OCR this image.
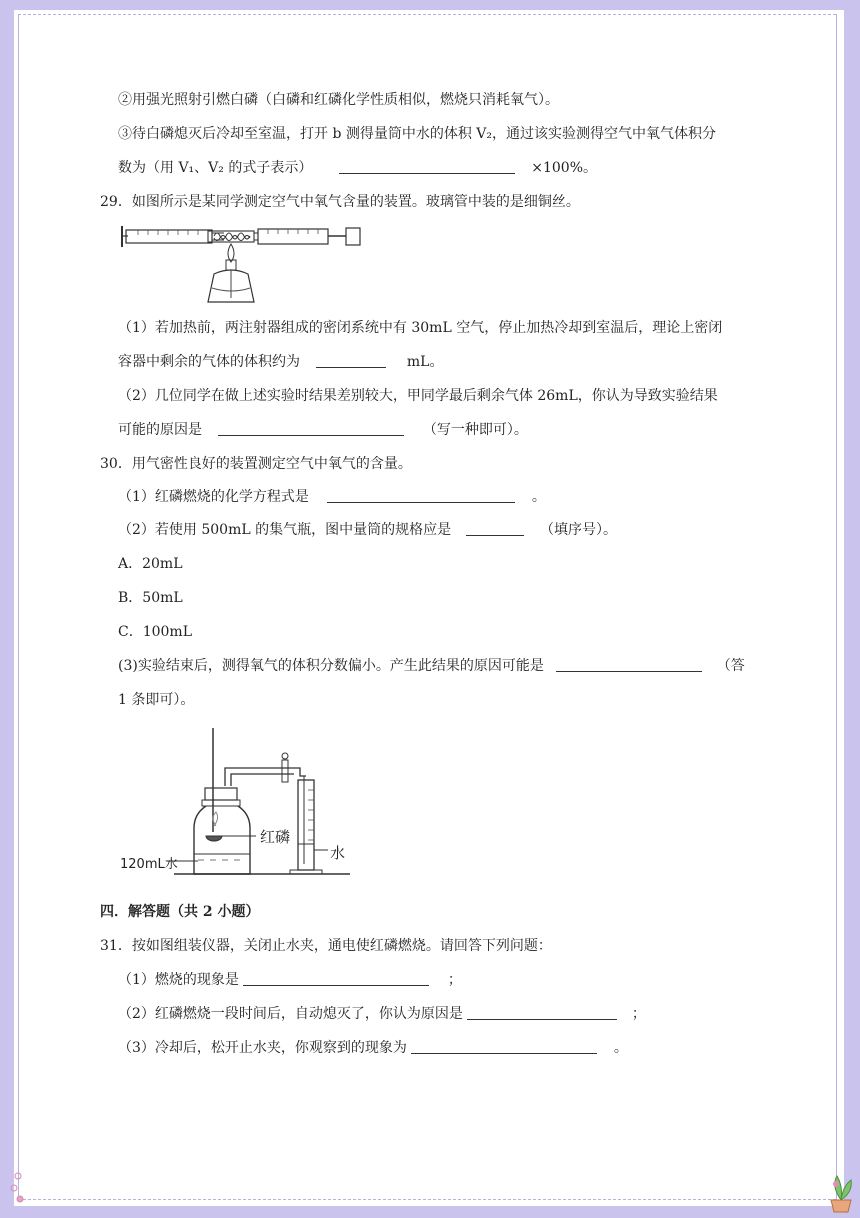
②用强光照射引燃白磷（白磷和红磷化学性质相似，燃烧只消耗氧气）。
③待白磷熄灭后冷却至室温，打开 b 测得量筒中水的体积 V₂，通过该实验测得空气中氧气体积分
数为（用 V₁、V₂ 的式子表示）	×100%。
29．如图所示是某同学测定空气中氧气含量的装置。玻璃管中装的是细铜丝。
（1）若加热前，两注射器组成的密闭系统中有 30mL 空气，停止加热冷却到室温后，理论上密闭
容器中剩余的气体的体积约为	mL。
（2）几位同学在做上述实验时结果差别较大，甲同学最后剩余气体 26mL，你认为导致实验结果
可能的原因是	（写一种即可）。
30．用气密性良好的装置测定空气中氧气的含量。
（1）红磷燃烧的化学方程式是	。
（2）若使用 500mL 的集气瓶，图中量筒的规格应是	（填序号）。
A．20mL
B．50mL
C．100mL
(3)实验结束后，测得氧气的体积分数偏小。产生此结果的原因可能是	（答
1 条即可）。
红磷
120mL水
水
四．解答题（共 2 小题）
31．按如图组装仪器，关闭止水夹，通电使红磷燃烧。请回答下列问题：
（1）燃烧的现象是	；
（2）红磷燃烧一段时间后，自动熄灭了，你认为原因是	；
（3）冷却后，松开止水夹，你观察到的现象为	。
